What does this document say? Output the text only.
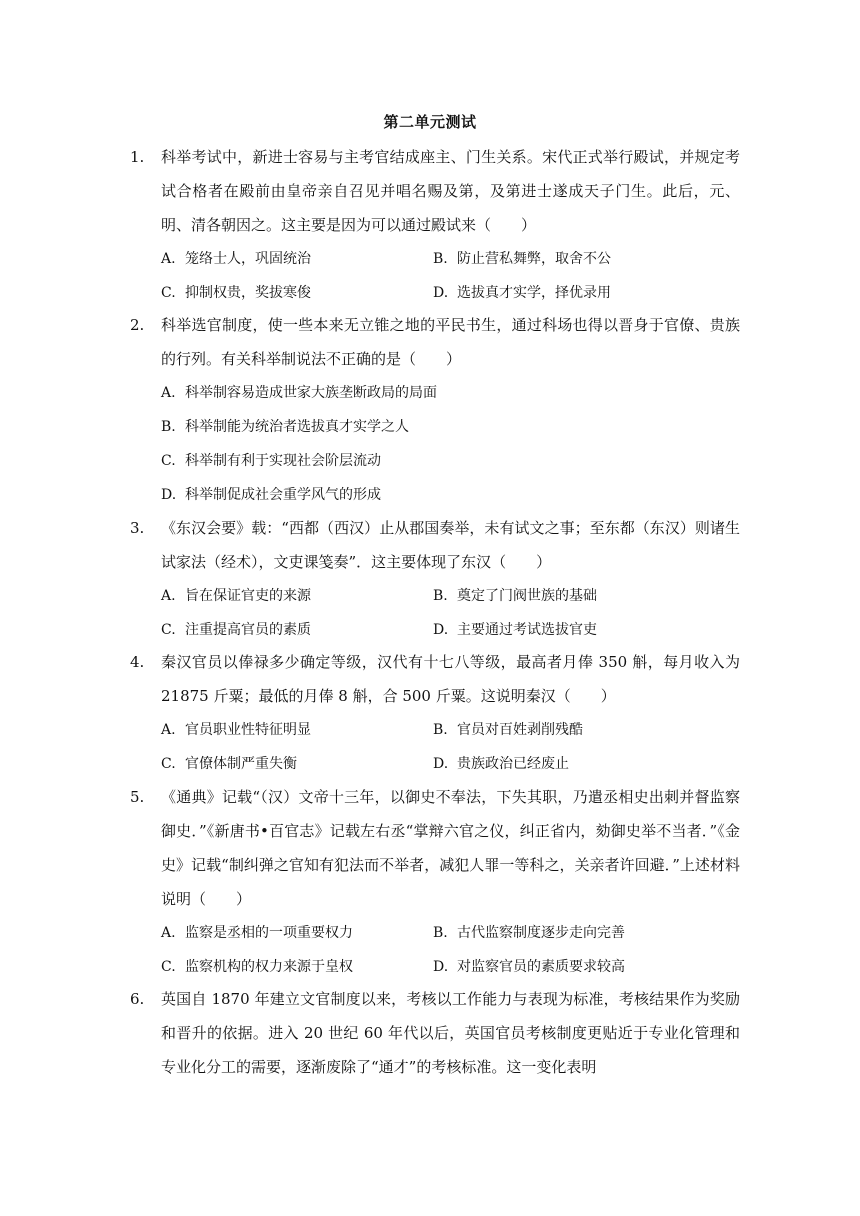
第二单元测试
1. 科举考试中，新进士容易与主考官结成座主、门生关系。宋代正式举行殿试，并规定考试合格者在殿前由皇帝亲自召见并唱名赐及第，及第进士遂成天子门生。此后，元、明、清各朝因之。这主要是因为可以通过殿试来（　　）
A. 笼络士人，巩固统治	B. 防止营私舞弊，取舍不公
C. 抑制权贵，奖拔寒俊	D. 选拔真才实学，择优录用
2. 科举选官制度，使一些本来无立锥之地的平民书生，通过科场也得以晋身于官僚、贵族的行列。有关科举制说法不正确的是（　　）
A. 科举制容易造成世家大族垄断政局的局面
B. 科举制能为统治者选拔真才实学之人
C. 科举制有利于实现社会阶层流动
D. 科举制促成社会重学风气的形成
3. 《东汉会要》载：“西都（西汉）止从郡国奏举，未有试文之事；至东都（东汉）则诸生试家法（经术），文吏课笺奏”．这主要体现了东汉（　　）
A. 旨在保证官吏的来源	B. 奠定了门阀世族的基础
C. 注重提高官员的素质	D. 主要通过考试选拔官吏
4. 秦汉官员以俸禄多少确定等级，汉代有十七八等级，最高者月俸 350 斛，每月收入为21875 斤粟；最低的月俸 8 斛，合 500 斤粟。这说明秦汉（　　）
A. 官员职业性特征明显	B. 官员对百姓剥削残酷
C. 官僚体制严重失衡	D. 贵族政治已经废止
5. 《通典》记载“（汉）文帝十三年，以御史不奉法，下失其职，乃遣丞相史出刺并督监察御史．”《新唐书•百官志》记载左右丞“掌辩六官之仪，纠正省内，劾御史举不当者．”《金史》记载“制纠弹之官知有犯法而不举者，减犯人罪一等科之，关亲者许回避．”上述材料说明（　　）
A. 监察是丞相的一项重要权力	B. 古代监察制度逐步走向完善
C. 监察机构的权力来源于皇权	D. 对监察官员的素质要求较高
6. 英国自 1870 年建立文官制度以来，考核以工作能力与表现为标准，考核结果作为奖励和晋升的依据。进入 20 世纪 60 年代以后，英国官员考核制度更贴近于专业化管理和专业化分工的需要，逐渐废除了“通才”的考核标准。这一变化表明
